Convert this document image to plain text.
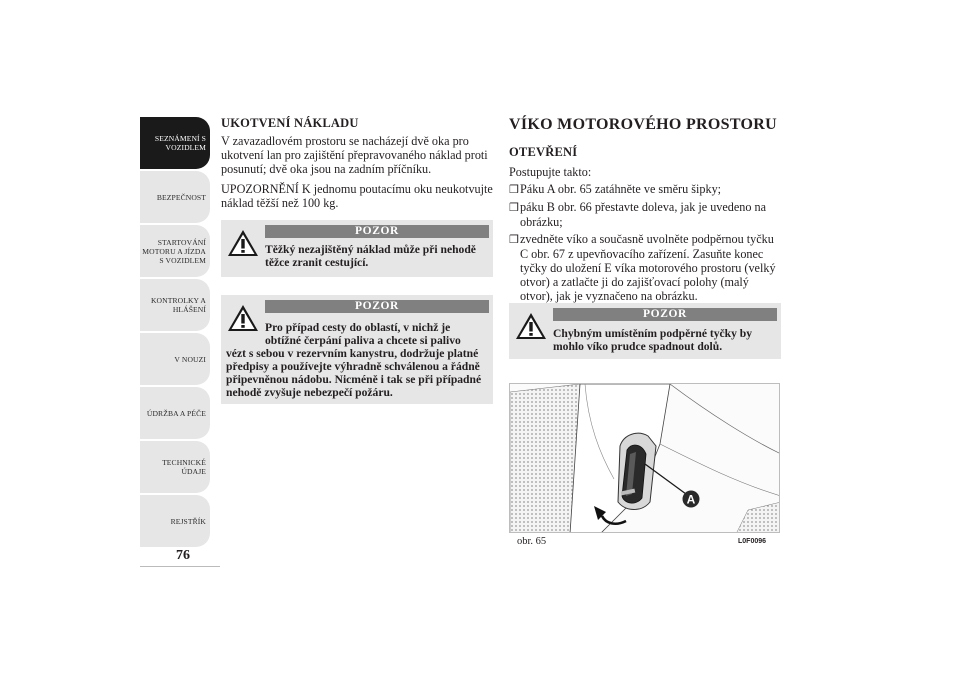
SEZNÁMENÍ S
VOZIDLEM
BEZPEČNOST
STARTOVÁNÍ
MOTORU A JÍZDA
S VOZIDLEM
KONTROLKY A
HLÁŠENÍ
V NOUZI
ÚDRŽBA A PÉČE
TECHNICKÉ
ÚDAJE
REJSTŘÍK
76
UKOTVENÍ NÁKLADU

V zavazadlovém prostoru se nacházejí dvě oka pro ukotvení lan pro zajištění přepravovaného náklad proti posunutí; dvě oka jsou na zadním příčníku.

UPOZORNĚNÍ K jednomu poutacímu oku neukotvujte náklad těžší než 100 kg.

POZOR
Těžký nezajištěný náklad může při nehodě těžce zranit cestující.
POZOR
Pro případ cesty do oblastí, v nichž je obtížné čerpání paliva a chcete si palivo
vézt s sebou v rezervním kanystru, dodržuje platné předpisy a používejte výhradně schválenou a řádně připevněnou nádobu. Nicméně i tak se při případné nehodě zvyšuje nebezpečí požáru.
VÍKO MOTOROVÉHO PROSTORU
OTEVŘENÍ

Postupujte takto:

❒Páku A obr. 65 zatáhněte ve směru šipky;
❒páku B obr. 66 přestavte doleva, jak je uvedeno na obrázku;
❒zvedněte víko a současně uvolněte podpěrnou tyčku C obr. 67 z upevňovacího zařízení. Zasuňte konec tyčky do uložení E víka motorového prostoru (velký otvor) a zatlačte ji do zajišťovací polohy (malý otvor), jak je vyznačeno na obrázku.
POZOR
Chybným umístěním podpěrné tyčky by mohlo víko prudce spadnout dolů.
A
obr. 65	L0F0096
